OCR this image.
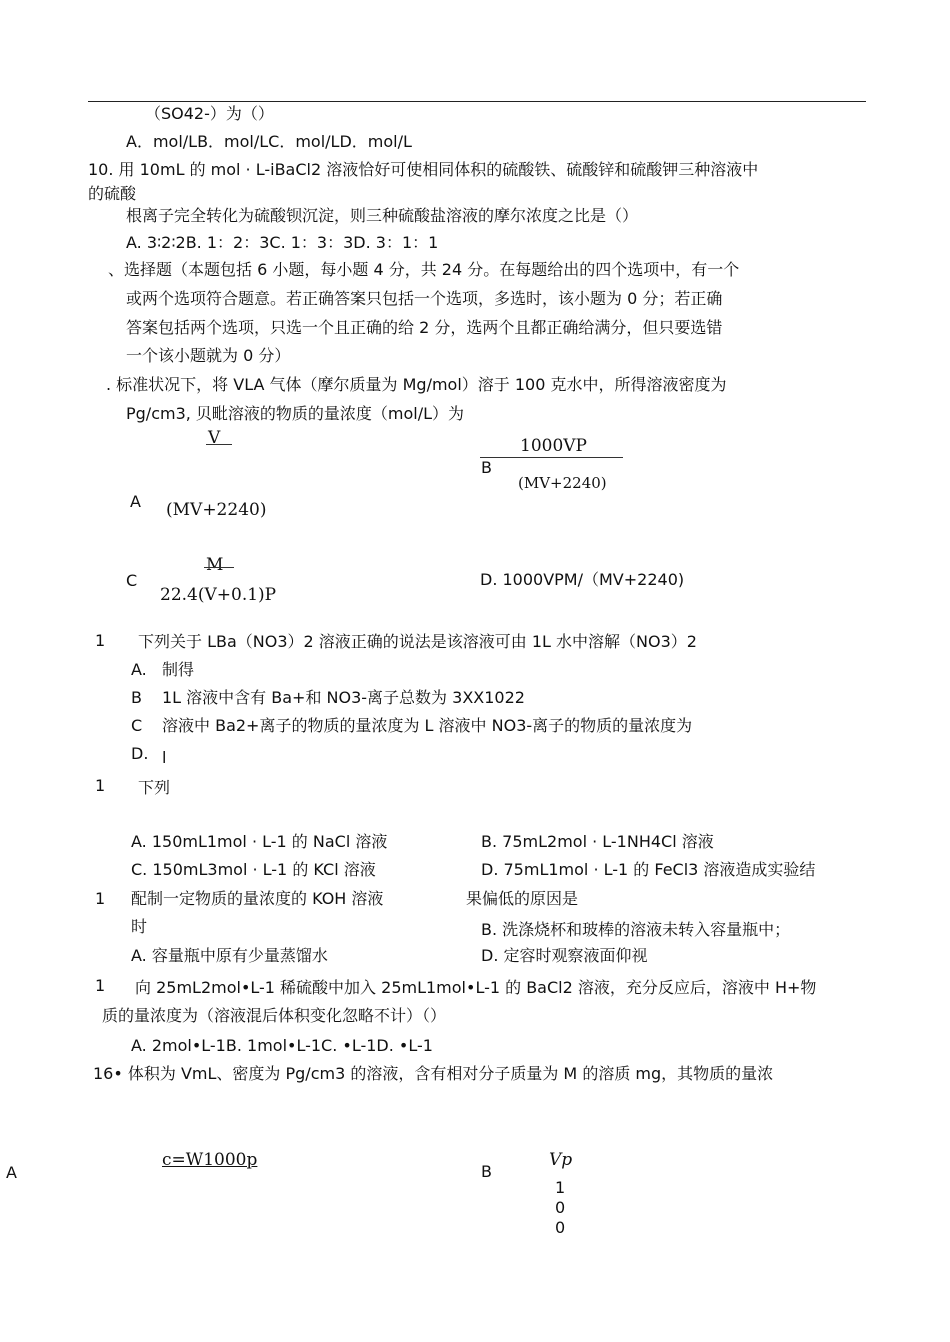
（SO42-）为（）
A．mol/LB．mol/LC．mol/LD．mol/L
10. 用 10mL 的 mol · L-iBaCl2 溶液恰好可使相同体积的硫酸铁、硫酸锌和硫酸钾三种溶液中
的硫酸
根离子完全转化为硫酸钡沉淀，则三种硫酸盐溶液的摩尔浓度之比是（）
A. 3∶2∶2B. 1：2：3C. 1：3：3D. 3：1：1
、选择题（本题包括 6 小题，每小题 4 分，共 24 分。在每题给出的四个选项中，有一个
或两个选项符合题意。若正确答案只包括一个选项，多选时，该小题为 0 分；若正确
答案包括两个选项，只选一个且正确的给 2 分，选两个且都正确给满分，但只要选错
一个该小题就为 0 分）
. 标准状况下，将 VLA 气体（摩尔质量为 Mg/mol）溶于 100 克水中，所得溶液密度为
Pg/cm3, 贝毗溶液的物质的量浓度（mol/L）为
V
A (MV+2240)
1000VP
B
(MV+2240)
M
C
22.4(V+0.1)P
D. 1000VPM/（MV+2240)
1 下列关于 LBa（NO3）2 溶液正确的说法是该溶液可由 1L 水中溶解（NO3）2
A. 制得
B 1L 溶液中含有 Ba+和 NO3-离子总数为 3XX1022
C 溶液中 Ba2+离子的物质的量浓度为 L 溶液中 NO3-离子的物质的量浓度为
D. l
1 下列
A. 150mL1mol · L-1 的 NaCl 溶液	B. 75mL2mol · L-1NH4Cl 溶液
C. 150mL3mol · L-1 的 KCl 溶液	D. 75mL1mol · L-1 的 FeCl3 溶液造成实验结
1 配制一定物质的量浓度的 KOH 溶液
时
果偏低的原因是
B. 洗涤烧杯和玻棒的溶液未转入容量瓶中；
A. 容量瓶中原有少量蒸馏水	D. 定容时观察液面仰视
1 向 25mL2mol•L-1 稀硫酸中加入 25mL1mol•L-1 的 BaCl2 溶液，充分反应后，溶液中 H+物
质的量浓度为（溶液混后体积变化忽略不计）（）
A. 2mol•L-1B. 1mol•L-1C. •L-1D. •L-1
16• 体积为 VmL、密度为 Pg/cm3 的溶液，含有相对分子质量为 M 的溶质 mg，其物质的量浓
A
c=W1000p
B
Vp
1
0
0
